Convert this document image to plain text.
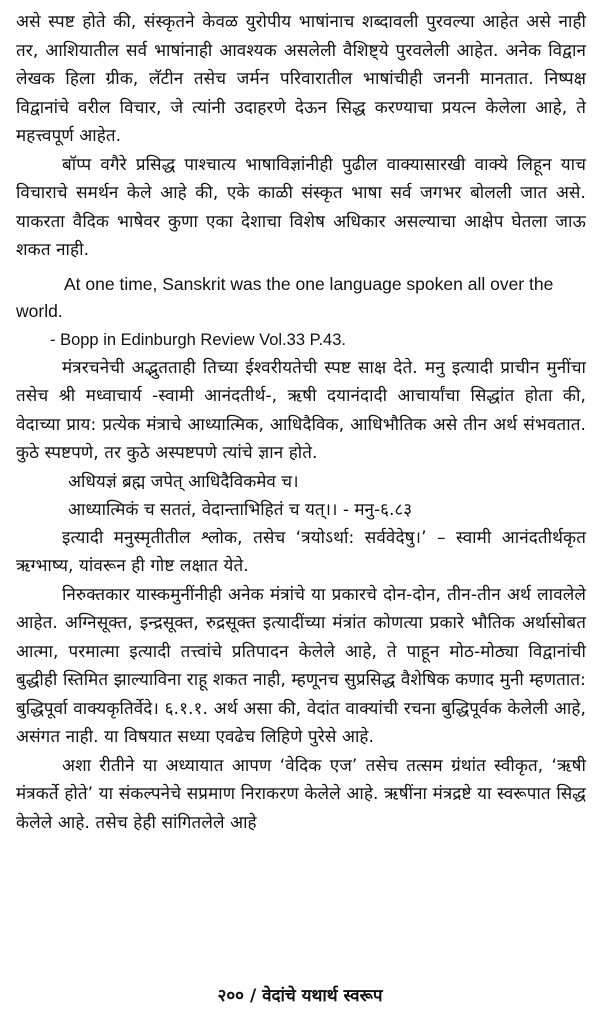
असे स्पष्ट होते की, संस्कृतने केवळ युरोपीय भाषांनाच शब्दावली पुरवल्या आहेत असे नाही तर, आशियातील सर्व भाषांनाही आवश्यक असलेली वैशिष्ट्ये पुरवलेली आहेत. अनेक विद्वान लेखक हिला ग्रीक, लॅटीन तसेच जर्मन परिवारातील भाषांचीही जननी मानतात. निष्पक्ष विद्वानांचे वरील विचार, जे त्यांनी उदाहरणे देऊन सिद्ध करण्याचा प्रयत्न केलेला आहे, ते महत्त्वपूर्ण आहेत.

बॉप्प वगैरे प्रसिद्ध पाश्चात्य भाषाविज्ञांनीही पुढील वाक्यासारखी वाक्ये लिहून याच विचाराचे समर्थन केले आहे की, एके काळी संस्कृत भाषा सर्व जगभर बोलली जात असे. याकरता वैदिक भाषेवर कुणा एका देशाचा विशेष अधिकार असल्याचा आक्षेप घेतला जाऊ शकत नाही.

At one time, Sanskrit was the one language spoken all over the world.

- Bopp in Edinburgh Review Vol.33 P.43.

मंत्ररचनेची अद्भुतताही तिच्या ईश्वरीयतेची स्पष्ट साक्ष देते. मनु इत्यादी प्राचीन मुनींचा तसेच श्री मध्वाचार्य -स्वामी आनंदतीर्थ-, ऋषी दयानंदादी आचार्यांचा सिद्धांत होता की, वेदाच्या प्राय: प्रत्येक मंत्राचे आध्यात्मिक, आधिदैविक, आधिभौतिक असे तीन अर्थ संभवतात. कुठे स्पष्टपणे, तर कुठे अस्पष्टपणे त्यांचे ज्ञान होते.

अधियज्ञं ब्रह्म जपेत् आधिदैविकमेव च।

आध्यात्मिकं च सततं, वेदान्ताभिहितं च यत्।। - मनु-६.८३

इत्यादी मनुस्मृतीतील श्लोक, तसेच ‘त्रयोऽर्था: सर्ववेदेषु।’ – स्वामी आनंदतीर्थकृत ऋग्भाष्य, यांवरून ही गोष्ट लक्षात येते.

निरुक्तकार यास्कमुनींनीही अनेक मंत्रांचे या प्रकारचे दोन-दोन, तीन-तीन अर्थ लावलेले आहेत. अग्निसूक्त, इन्द्रसूक्त, रुद्रसूक्त इत्यादींच्या मंत्रांत कोणत्या प्रकारे भौतिक अर्थासोबत आत्मा, परमात्मा इत्यादी तत्त्वांचे प्रतिपादन केलेले आहे, ते पाहून मोठ-मोठ्या विद्वानांची बुद्धीही स्तिमित झाल्याविना राहू शकत नाही, म्हणूनच सुप्रसिद्ध वैशेषिक कणाद मुनी म्हणतात: बुद्धिपूर्वा वाक्यकृतिर्वेदे। ६.१.१. अर्थ असा की, वेदांत वाक्यांची रचना बुद्धिपूर्वक केलेली आहे, असंगत नाही. या विषयात सध्या एवढेच लिहिणे पुरेसे आहे.

अशा रीतीने या अध्यायात आपण ‘वेदिक एज’ तसेच तत्सम ग्रंथांत स्वीकृत, ‘ऋषी मंत्रकर्ते होते’ या संकल्पनेचे सप्रमाण निराकरण केलेले आहे. ऋषींना मंत्रद्रष्टे या स्वरूपात सिद्ध केलेले आहे. तसेच हेही सांगितलेले आहे

२०० / वेदांचे यथार्थ स्वरूप
